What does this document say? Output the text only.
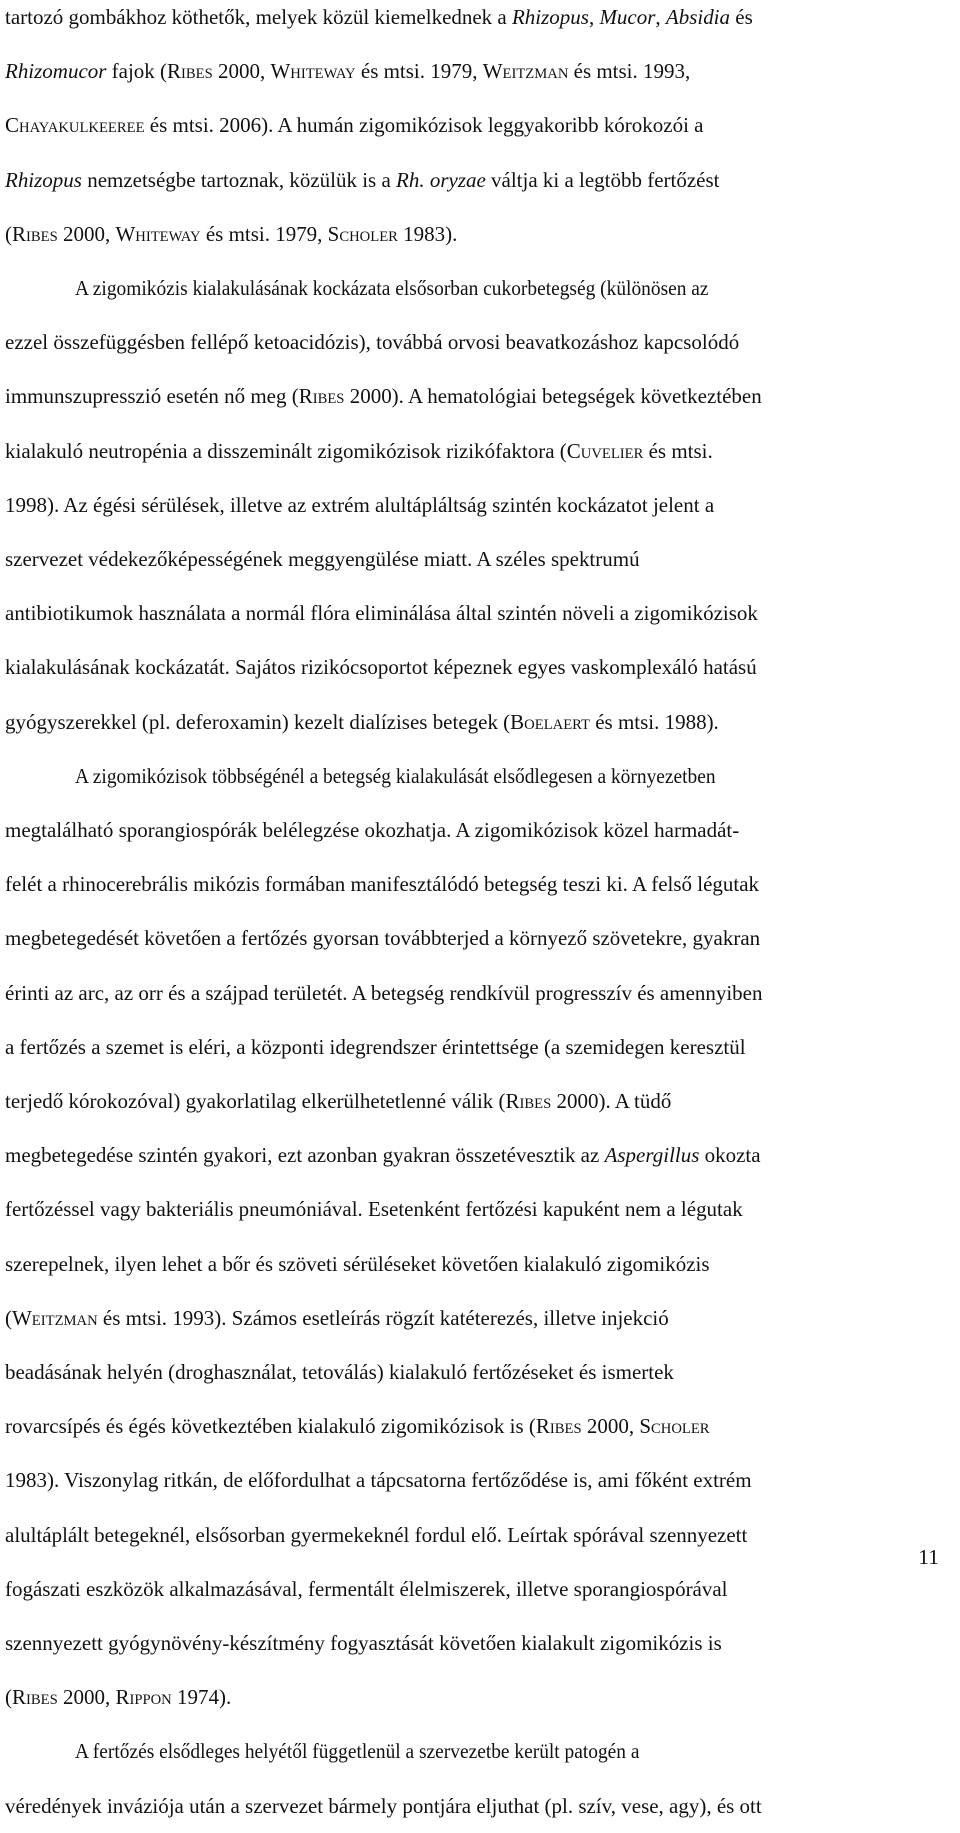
tartozó gombákhoz köthetők, melyek közül kiemelkednek a Rhizopus, Mucor, Absidia és
Rhizomucor fajok (Ribes 2000, Whiteway és mtsi. 1979, Weitzman és mtsi. 1993,
Chayakulkeeree és mtsi. 2006). A humán zigomikózisok leggyakoribb kórokozói a
Rhizopus nemzetségbe tartoznak, közülük is a Rh. oryzae váltja ki a legtöbb fertőzést
(Ribes 2000, Whiteway és mtsi. 1979, Scholer 1983).
A zigomikózis kialakulásának kockázata elsősorban cukorbetegség (különösen az
ezzel összefüggésben fellépő ketoacidózis), továbbá orvosi beavatkozáshoz kapcsolódó
immunszupresszió esetén nő meg (Ribes 2000). A hematológiai betegségek következtében
kialakuló neutropénia a disszeminált zigomikózisok rizikófaktora (Cuvelier és mtsi.
1998). Az égési sérülések, illetve az extrém alultápláltság szintén kockázatot jelent a
szervezet védekezőképességének meggyengülése miatt. A széles spektrumú
antibiotikumok használata a normál flóra eliminálása által szintén növeli a zigomikózisok
kialakulásának kockázatát. Sajátos rizikócsoportot képeznek egyes vaskomplexáló hatású
gyógyszerekkel (pl. deferoxamin) kezelt dialízises betegek (Boelaert és mtsi. 1988).
A zigomikózisok többségénél a betegség kialakulását elsődlegesen a környezetben
megtalálható sporangiospórák belélegzése okozhatja. A zigomikózisok közel harmadát-
felét a rhinocerebrális mikózis formában manifesztálódó betegség teszi ki. A felső légutak
megbetegedését követően a fertőzés gyorsan továbbterjed a környező szövetekre, gyakran
érinti az arc, az orr és a szájpad területét. A betegség rendkívül progresszív és amennyiben
a fertőzés a szemet is eléri, a központi idegrendszer érintettsége (a szemidegen keresztül
terjedő kórokozóval) gyakorlatilag elkerülhetetlenné válik (Ribes 2000). A tüdő
megbetegedése szintén gyakori, ezt azonban gyakran összetévesztik az Aspergillus okozta
fertőzéssel vagy bakteriális pneumóniával. Esetenként fertőzési kapuként nem a légutak
szerepelnek, ilyen lehet a bőr és szöveti sérüléseket követően kialakuló zigomikózis
(Weitzman és mtsi. 1993). Számos esetleírás rögzít katéterezés, illetve injekció
beadásának helyén (droghasználat, tetoválás) kialakuló fertőzéseket és ismertek
rovarcsípés és égés következtében kialakuló zigomikózisok is (Ribes 2000, Scholer
1983). Viszonylag ritkán, de előfordulhat a tápcsatorna fertőződése is, ami főként extrém
alultáplált betegeknél, elsősorban gyermekeknél fordul elő. Leírtak spórával szennyezett
fogászati eszközök alkalmazásával, fermentált élelmiszerek, illetve sporangiospórával
szennyezett gyógynövény-készítmény fogyasztását követően kialakult zigomikózis is
(Ribes 2000, Rippon 1974).
A fertőzés elsődleges helyétől függetlenül a szervezetbe került patogén a
véredények inváziója után a szervezet bármely pontjára eljuthat (pl. szív, vese, agy), és ott
11
